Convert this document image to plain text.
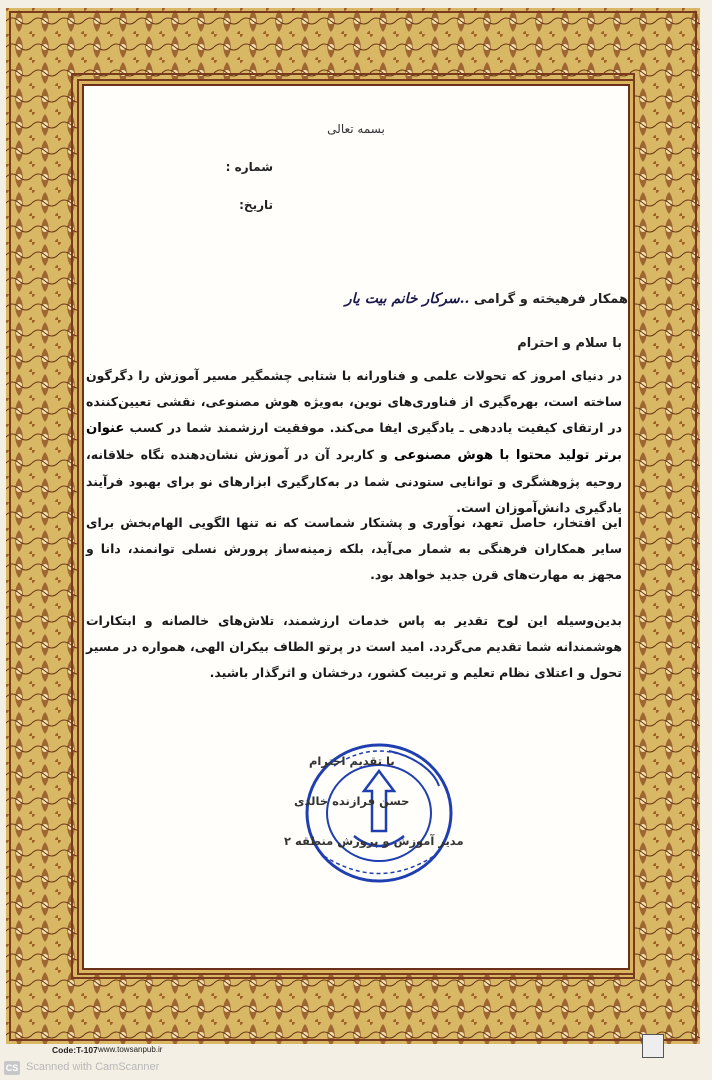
بسمه تعالی
شماره :
تاریخ:
همکار فرهیخته و گرامی ..سرکار خانم بیت یار
با سلام و احترام
در دنیای امروز که تحولات علمی و فناورانه با شتابی چشمگیر مسیر آموزش را دگرگون ساخته است، بهره‌گیری از فناوری‌های نوین، به‌ویژه هوش مصنوعی، نقشی تعیین‌کننده در ارتقای کیفیت یاددهی ـ یادگیری ایفا می‌کند. موفقیت ارزشمند شما در کسب عنوان برتر تولید محتوا با هوش مصنوعی و کاربرد آن در آموزش نشان‌دهنده نگاه خلاقانه، روحیه پژوهشگری و توانایی ستودنی شما در به‌کارگیری ابزارهای نو برای بهبود فرآیند یادگیری دانش‌آموزان است.
این افتخار، حاصل تعهد، نوآوری و پشتکار شماست که نه تنها الگویی الهام‌بخش برای سایر همکاران فرهنگی به شمار می‌آید، بلکه زمینه‌ساز پرورش نسلی توانمند، دانا و مجهز به مهارت‌های قرن جدید خواهد بود.
بدین‌وسیله این لوح تقدیر به پاس خدمات ارزشمند، تلاش‌های خالصانه و ابتکارات هوشمندانه شما تقدیم می‌گردد. امید است در پرتو الطاف بیکران الهی، همواره در مسیر تحول و اعتلای نظام تعلیم و تربیت کشور، درخشان و اثرگذار باشید.
با تقدیم احترام
حسن فرازنده خالدی
مدیر آموزش و پرورش منطقه ۲
Code:T-107 www.towsanpub.ir
CS Scanned with CamScanner
